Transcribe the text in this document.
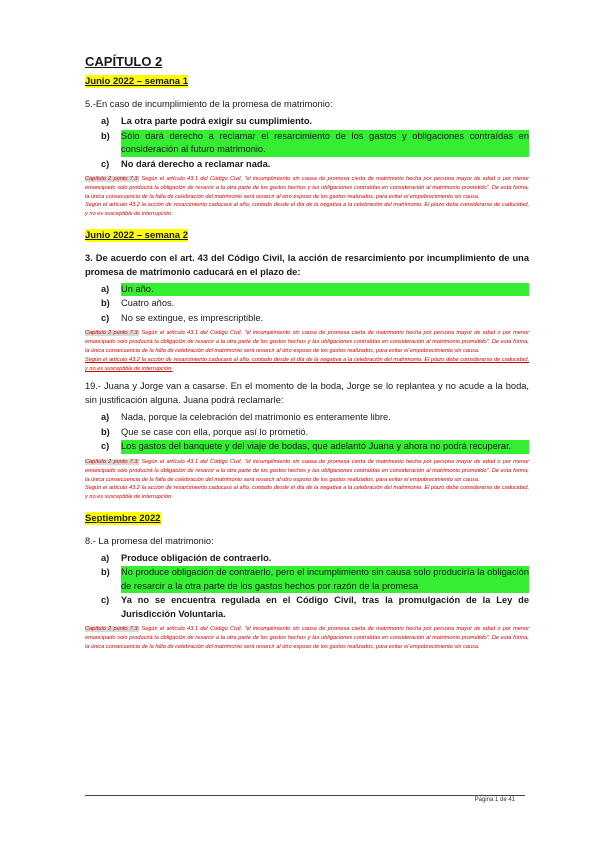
CAPÍTULO 2
Junio 2022 – semana 1

5.-En caso de incumplimiento de la promesa de matrimonio:

a)	La otra parte podrá exigir su cumplimiento.
b)	Sólo dará derecho a reclamar el resarcimiento de los gastos y obligaciones contraídas en consideración al futuro matrimonio.
c)	No dará derecho a reclamar nada.
Capítulo 2 punto 7.3: Según el artículo 43.1 del Código Civil, "el incumplimiento sin causa de promesa cierta de matrimonio hecha por persona mayor de edad o por menor emancipado solo producirá la obligación de resarcir a la otra parte de los gastos hechos y las obligaciones contraídas en consideración al matrimonio prometido". De esta forma, la única consecuencia de la falta de celebración del matrimonio será resarcir al otro esposo de los gastos realizados, para evitar el empobrecimiento sin causa.
Según el artículo 43.2 la acción de resarcimiento caducará al año, contado desde el día de la negativa a la celebración del matrimonio. El plazo debe considerarse de caducidad, y no es susceptible de interrupción.
Junio 2022 – semana 2

3. De acuerdo con el art. 43 del Código Civil, la acción de resarcimiento por incumplimiento de una promesa de matrimonio caducará en el plazo de:

a)	Un año.
b)	Cuatro años.
c)	No se extingue, es imprescriptible.
Capítulo 2 punto 7.3: Según el artículo 43.1 del Código Civil, "el incumplimiento sin causa de promesa cierta de matrimonio hecha por persona mayor de edad o por menor emancipado solo producirá la obligación de resarcir a la otra parte de los gastos hechos y las obligaciones contraídas en consideración al matrimonio prometido". De esta forma, la única consecuencia de la falta de celebración del matrimonio será resarcir al otro esposo de los gastos realizados, para evitar el empobrecimiento sin causa.
Según el artículo 43.2 la acción de resarcimiento caducará al año, contado desde el día de la negativa a la celebración del matrimonio. El plazo debe considerarse de caducidad, y no es susceptible de interrupción.

19.- Juana y Jorge van a casarse. En el momento de la boda, Jorge se lo replantea y no acude a la boda, sin justificación alguna. Juana podrá reclamarle:

a)	Nada, porque la celebración del matrimonio es enteramente libre.
b)	Que se case con ella, porque así lo prometió.
c)	Los gastos del banquete y del viaje de bodas, que adelantó Juana y ahora no podrá recuperar.
Capítulo 2 punto 7.3: Según el artículo 43.1 del Código Civil, "el incumplimiento sin causa de promesa cierta de matrimonio hecha por persona mayor de edad o por menor emancipado solo producirá la obligación de resarcir a la otra parte de los gastos hechos y las obligaciones contraídas en consideración al matrimonio prometido". De esta forma, la única consecuencia de la falta de celebración del matrimonio será resarcir al otro esposo de los gastos realizados, para evitar el empobrecimiento sin causa.
Según el artículo 43.2 la acción de resarcimiento caducará al año, contado desde el día de la negativa a la celebración del matrimonio. El plazo debe considerarse de caducidad, y no es susceptible de interrupción.
Septiembre 2022

8.- La promesa del matrimonio:

a)	Produce obligación de contraerlo.
b)	No produce obligación de contraerlo, pero el incumplimiento sin causa solo produciría la obligación de resarcir a la otra parte de los gastos hechos por razón de la promesa
c)	Ya no se encuentra regulada en el Código Civil, tras la promulgación de la Ley de Jurisdicción Voluntaria.
Capítulo 2 punto 7.3: Según el artículo 43.1 del Código Civil, "el incumplimiento sin causa de promesa cierta de matrimonio hecha por persona mayor de edad o por menor emancipado solo producirá la obligación de resarcir a la otra parte de los gastos hechos y las obligaciones contraídas en consideración al matrimonio prometido". De esta forma, la única consecuencia de la falta de celebración del matrimonio será resarcir al otro esposo de los gastos realizados, para evitar el empobrecimiento sin causa.
Página 1 de 41
